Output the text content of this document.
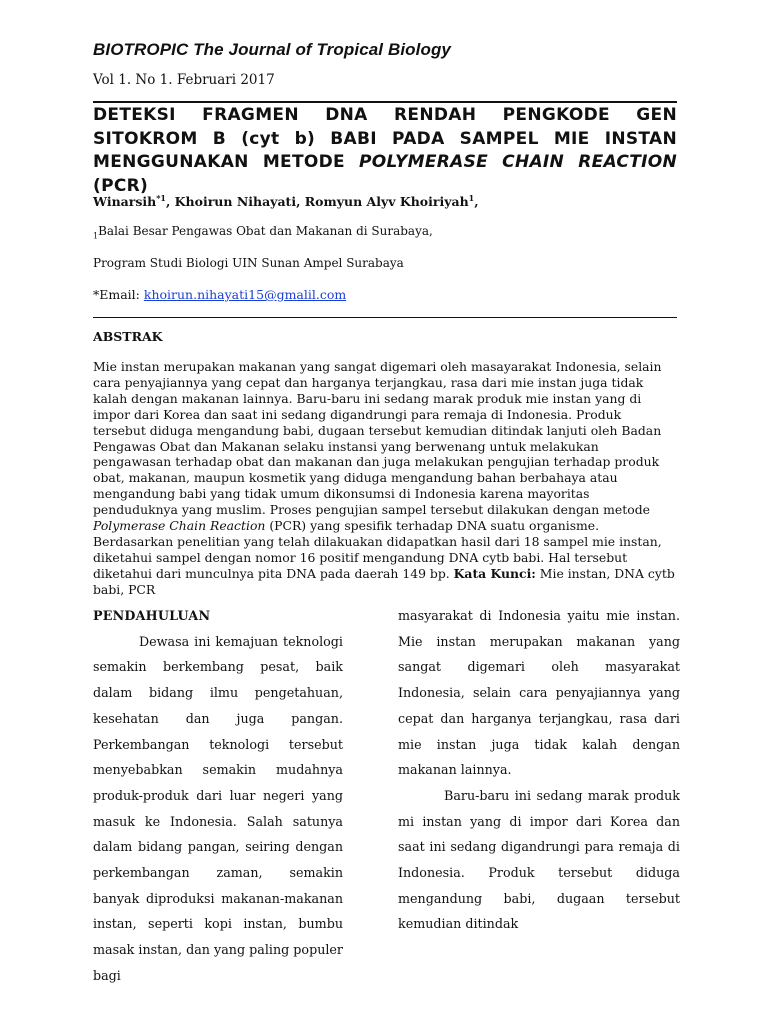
BIOTROPIC The Journal of Tropical Biology
Vol 1. No 1. Februari 2017
DETEKSI FRAGMEN DNA RENDAH PENGKODE GEN SITOKROM B (cyt b) BABI PADA SAMPEL MIE INSTAN MENGGUNAKAN METODE POLYMERASE CHAIN REACTION (PCR)
Winarsih$^{*1}$, Khoirun Nihayati, Romyun Alyv Khoiriyah$^1$,
$_1$Balai Besar Pengawas Obat dan Makanan di Surabaya,
Program Studi Biologi UIN Sunan Ampel Surabaya
*Email: khoirun.nihayati15@gmalil.com
ABSTRAK
Mie instan merupakan makanan yang sangat digemari oleh masayarakat Indonesia, selain cara penyajiannya yang cepat dan harganya terjangkau, rasa dari mie instan juga tidak kalah dengan makanan lainnya. Baru-baru ini sedang marak produk mie instan yang di impor dari Korea dan saat ini sedang digandrungi para remaja di Indonesia. Produk tersebut diduga mengandung babi, dugaan tersebut kemudian ditindak lanjuti oleh Badan Pengawas Obat dan Makanan selaku instansi yang berwenang untuk melakukan pengawasan terhadap obat dan makanan dan juga melakukan pengujian terhadap produk obat, makanan, maupun kosmetik yang diduga mengandung bahan berbahaya atau mengandung babi yang tidak umum dikonsumsi di Indonesia karena mayoritas penduduknya yang muslim. Proses pengujian sampel tersebut dilakukan dengan metode Polymerase Chain Reaction (PCR) yang spesifik terhadap DNA suatu organisme. Berdasarkan penelitian yang telah dilakuakan didapatkan hasil dari 18 sampel mie instan, diketahui sampel dengan nomor 16 positif mengandung DNA cytb babi. Hal tersebut diketahui dari munculnya pita DNA pada daerah 149 bp. Kata Kunci: Mie instan, DNA cytb babi, PCR

PENDAHULUAN

Dewasa ini kemajuan teknologi semakin berkembang pesat, baik dalam bidang ilmu pengetahuan, kesehatan dan juga pangan. Perkembangan teknologi tersebut menyebabkan semakin mudahnya produk-produk dari luar negeri yang masuk ke Indonesia. Salah satunya dalam bidang pangan, seiring dengan perkembangan zaman, semakin banyak diproduksi makanan-makanan instan, seperti kopi instan, bumbu masak instan, dan yang paling populer bagi

masyarakat di Indonesia yaitu mie instan. Mie instan merupakan makanan yang sangat digemari oleh masyarakat Indonesia, selain cara penyajiannya yang cepat dan harganya terjangkau, rasa dari mie instan juga tidak kalah dengan makanan lainnya.

Baru-baru ini sedang marak produk mi instan yang di impor dari Korea dan saat ini sedang digandrungi para remaja di Indonesia. Produk tersebut diduga mengandung babi, dugaan tersebut kemudian ditindak
